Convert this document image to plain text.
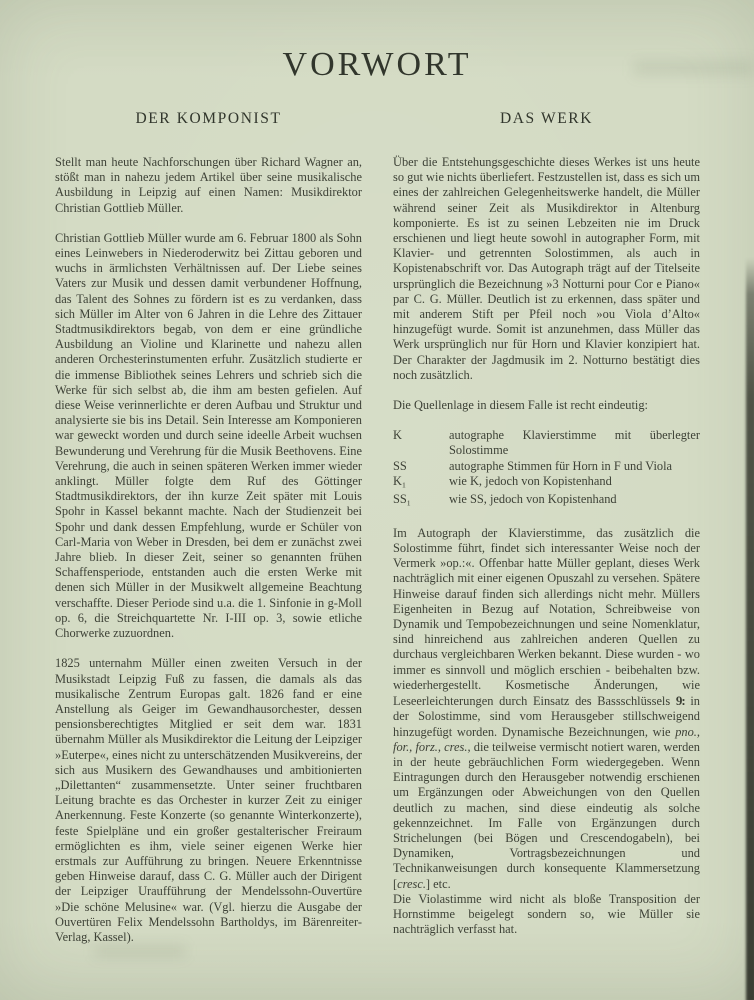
VORWORT
DER KOMPONIST

Stellt man heute Nachforschungen über Richard Wagner an, stößt man in nahezu jedem Artikel über seine musikalische Ausbildung in Leipzig auf einen Namen: Musikdirektor Christian Gottlieb Müller.

Christian Gottlieb Müller wurde am 6. Februar 1800 als Sohn eines Leinwebers in Niederoderwitz bei Zittau geboren und wuchs in ärmlichsten Verhältnissen auf. Der Liebe seines Vaters zur Musik und dessen damit verbundener Hoffnung, das Talent des Sohnes zu fördern ist es zu verdanken, dass sich Müller im Alter von 6 Jahren in die Lehre des Zittauer Stadtmusikdirektors begab, von dem er eine gründliche Ausbildung an Violine und Klarinette und nahezu allen anderen Orchesterinstumenten erfuhr. Zusätzlich studierte er die immense Bibliothek seines Lehrers und schrieb sich die Werke für sich selbst ab, die ihm am besten gefielen. Auf diese Weise verinnerlichte er deren Aufbau und Struktur und analysierte sie bis ins Detail. Sein Interesse am Komponieren war geweckt worden und durch seine ideelle Arbeit wuchsen Bewunderung und Verehrung für die Musik Beethovens. Eine Verehrung, die auch in seinen späteren Werken immer wieder anklingt. Müller folgte dem Ruf des Göttinger Stadtmusikdirektors, der ihn kurze Zeit später mit Louis Spohr in Kassel bekannt machte. Nach der Studienzeit bei Spohr und dank dessen Empfehlung, wurde er Schüler von Carl-Maria von Weber in Dresden, bei dem er zunächst zwei Jahre blieb. In dieser Zeit, seiner so genannten frühen Schaffensperiode, entstanden auch die ersten Werke mit denen sich Müller in der Musikwelt allgemeine Beachtung verschaffte. Dieser Periode sind u.a. die 1. Sinfonie in g-Moll op. 6, die Streichquartette Nr. I-III op. 3, sowie etliche Chorwerke zuzuordnen.

1825 unternahm Müller einen zweiten Versuch in der Musikstadt Leipzig Fuß zu fassen, die damals als das musikalische Zentrum Europas galt. 1826 fand er eine Anstellung als Geiger im Gewandhausorchester, dessen pensionsberechtigtes Mitglied er seit dem war. 1831 übernahm Müller als Musikdirektor die Leitung der Leipziger »Euterpe«, eines nicht zu unterschätzenden Musikvereins, der sich aus Musikern des Gewandhauses und ambitionierten „Dilettanten“ zusammensetzte. Unter seiner fruchtbaren Leitung brachte es das Orchester in kurzer Zeit zu einiger Anerkennung. Feste Konzerte (so genannte Winterkonzerte), feste Spielpläne und ein großer gestalterischer Freiraum ermöglichten es ihm, viele seiner eigenen Werke hier erstmals zur Aufführung zu bringen. Neuere Erkenntnisse geben Hinweise darauf, dass C. G. Müller auch der Dirigent der Leipziger Uraufführung der Mendelssohn-Ouvertüre »Die schöne Melusine« war. (Vgl. hierzu die Ausgabe der Ouvertüren Felix Mendelssohn Bartholdys, im Bärenreiter-Verlag, Kassel).

DAS WERK

Über die Entstehungsgeschichte dieses Werkes ist uns heute so gut wie nichts überliefert. Festzustellen ist, dass es sich um eines der zahlreichen Gelegenheitswerke handelt, die Müller während seiner Zeit als Musikdirektor in Altenburg komponierte. Es ist zu seinen Lebzeiten nie im Druck erschienen und liegt heute sowohl in autographer Form, mit Klavier- und getrennten Solostimmen, als auch in Kopistenabschrift vor. Das Autograph trägt auf der Titelseite ursprünglich die Bezeichnung »3 Notturni pour Cor e Piano« par C. G. Müller. Deutlich ist zu erkennen, dass später und mit anderem Stift per Pfeil noch »ou Viola d’Alto« hinzugefügt wurde. Somit ist anzunehmen, dass Müller das Werk ursprünglich nur für Horn und Klavier konzipiert hat. Der Charakter der Jagdmusik im 2. Notturno bestätigt dies noch zusätzlich.

Die Quellenlage in diesem Falle ist recht eindeutig:

K	autographe Klavierstimme mit überlegter Solostimme
SS	autographe Stimmen für Horn in F und Viola
$K_1$	wie K, jedoch von Kopistenhand
$SS_1$	wie SS, jedoch von Kopistenhand

Im Autograph der Klavierstimme, das zusätzlich die Solostimme führt, findet sich interessanter Weise noch der Vermerk »op.:«. Offenbar hatte Müller geplant, dieses Werk nachträglich mit einer eigenen Opuszahl zu versehen. Spätere Hinweise darauf finden sich allerdings nicht mehr. Müllers Eigenheiten in Bezug auf Notation, Schreibweise von Dynamik und Tempobezeichnungen und seine Nomenklatur, sind hinreichend aus zahlreichen anderen Quellen zu durchaus vergleichbaren Werken bekannt. Diese wurden - wo immer es sinnvoll und möglich erschien - beibehalten bzw. wiederhergestellt. Kosmetische Änderungen, wie Leseerleichterungen durch Einsatz des Bassschlüssels 9: in der Solostimme, sind vom Herausgeber stillschweigend hinzugefügt worden. Dynamische Bezeichnungen, wie pno., for., forz., cres., die teilweise vermischt notiert waren, werden in der heute gebräuchlichen Form wiedergegeben. Wenn Eintragungen durch den Herausgeber notwendig erschienen um Ergänzungen oder Abweichungen von den Quellen deutlich zu machen, sind diese eindeutig als solche gekennzeichnet. Im Falle von Ergänzungen durch Strichelungen (bei Bögen und Crescendogabeln), bei Dynamiken, Vortragsbezeichnungen und Technikanweisungen durch konsequente Klammersetzung [cresc.] etc.

Die Violastimme wird nicht als bloße Transposition der Hornstimme beigelegt sondern so, wie Müller sie nachträglich verfasst hat.
